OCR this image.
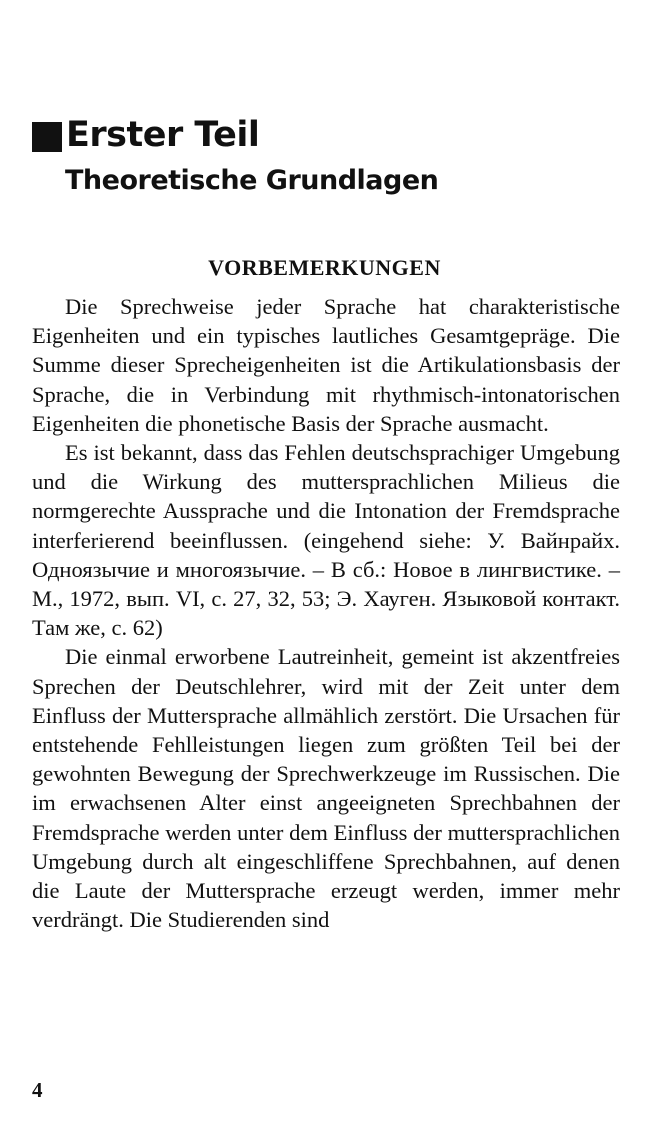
Erster Teil
Theoretische Grundlagen
VORBEMERKUNGEN

Die Sprechweise jeder Sprache hat charakteristische Eigenheiten und ein typisches lautliches Gesamtgepräge. Die Summe dieser Sprecheigenheiten ist die Artikulationsbasis der Sprache, die in Verbindung mit rhythmisch-intonatorischen Eigenheiten die phonetische Basis der Sprache ausmacht.

Es ist bekannt, dass das Fehlen deutschsprachiger Umgebung und die Wirkung des muttersprachlichen Milieus die normgerechte Aussprache und die Intonation der Fremdsprache interferierend beeinflussen. (eingehend siehe: У. Вайнрайх. Одноязычие и многоязычие. – В сб.: Новое в лингвистике. – М., 1972, вып. VI, с. 27, 32, 53; Э. Хауген. Языковой контакт. Там же, с. 62)

Die einmal erworbene Lautreinheit, gemeint ist akzentfreies Sprechen der Deutschlehrer, wird mit der Zeit unter dem Einfluss der Muttersprache allmählich zerstört. Die Ursachen für entstehende Fehlleistungen liegen zum größten Teil bei der gewohnten Bewegung der Sprechwerkzeuge im Russischen. Die im erwachsenen Alter einst angeeigneten Sprechbahnen der Fremdsprache werden unter dem Einfluss der muttersprachlichen Umgebung durch alt eingeschliffene Sprechbahnen, auf denen die Laute der Muttersprache erzeugt werden, immer mehr verdrängt. Die Studierenden sind

4
